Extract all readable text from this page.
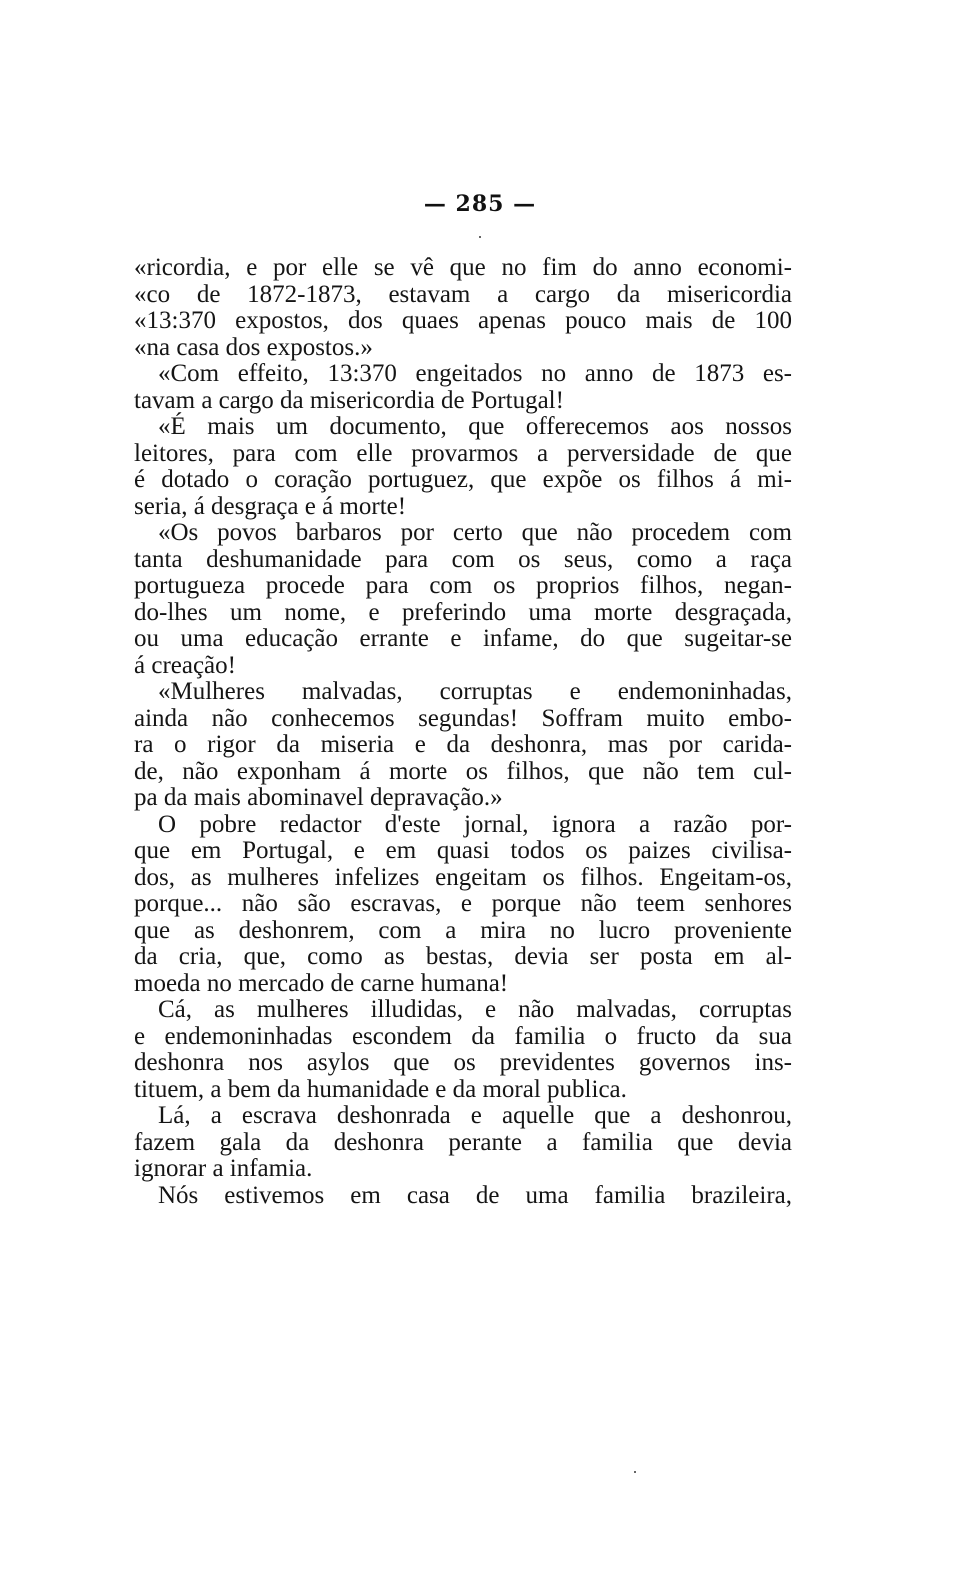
— 285 —
«ricordia, e por elle se vê que no fim do anno economi-
«co de 1872-1873, estavam a cargo da misericordia
«13:370 expostos, dos quaes apenas pouco mais de 100
«na casa dos expostos.»
«Com effeito, 13:370 engeitados no anno de 1873 es-
tavam a cargo da misericordia de Portugal!
«É mais um documento, que offerecemos aos nossos
leitores, para com elle provarmos a perversidade de que
é dotado o coração portuguez, que expõe os filhos á mi-
seria, á desgraça e á morte!
«Os povos barbaros por certo que não procedem com
tanta deshumanidade para com os seus, como a raça
portugueza procede para com os proprios filhos, negan-
do-lhes um nome, e preferindo uma morte desgraçada,
ou uma educação errante e infame, do que sugeitar-se
á creação!
«Mulheres malvadas, corruptas e endemoninhadas,
ainda não conhecemos segundas! Soffram muito embo-
ra o rigor da miseria e da deshonra, mas por carida-
de, não exponham á morte os filhos, que não tem cul-
pa da mais abominavel depravação.»
O pobre redactor d'este jornal, ignora a razão por-
que em Portugal, e em quasi todos os paizes civilisa-
dos, as mulheres infelizes engeitam os filhos. Engeitam-os,
porque... não são escravas, e porque não teem senhores
que as deshonrem, com a mira no lucro proveniente
da cria, que, como as bestas, devia ser posta em al-
moeda no mercado de carne humana!
Cá, as mulheres illudidas, e não malvadas, corruptas
e endemoninhadas escondem da familia o fructo da sua
deshonra nos asylos que os previdentes governos ins-
tituem, a bem da humanidade e da moral publica.
Lá, a escrava deshonrada e aquelle que a deshonrou,
fazem gala da deshonra perante a familia que devia
ignorar a infamia.
Nós estivemos em casa de uma familia brazileira,
